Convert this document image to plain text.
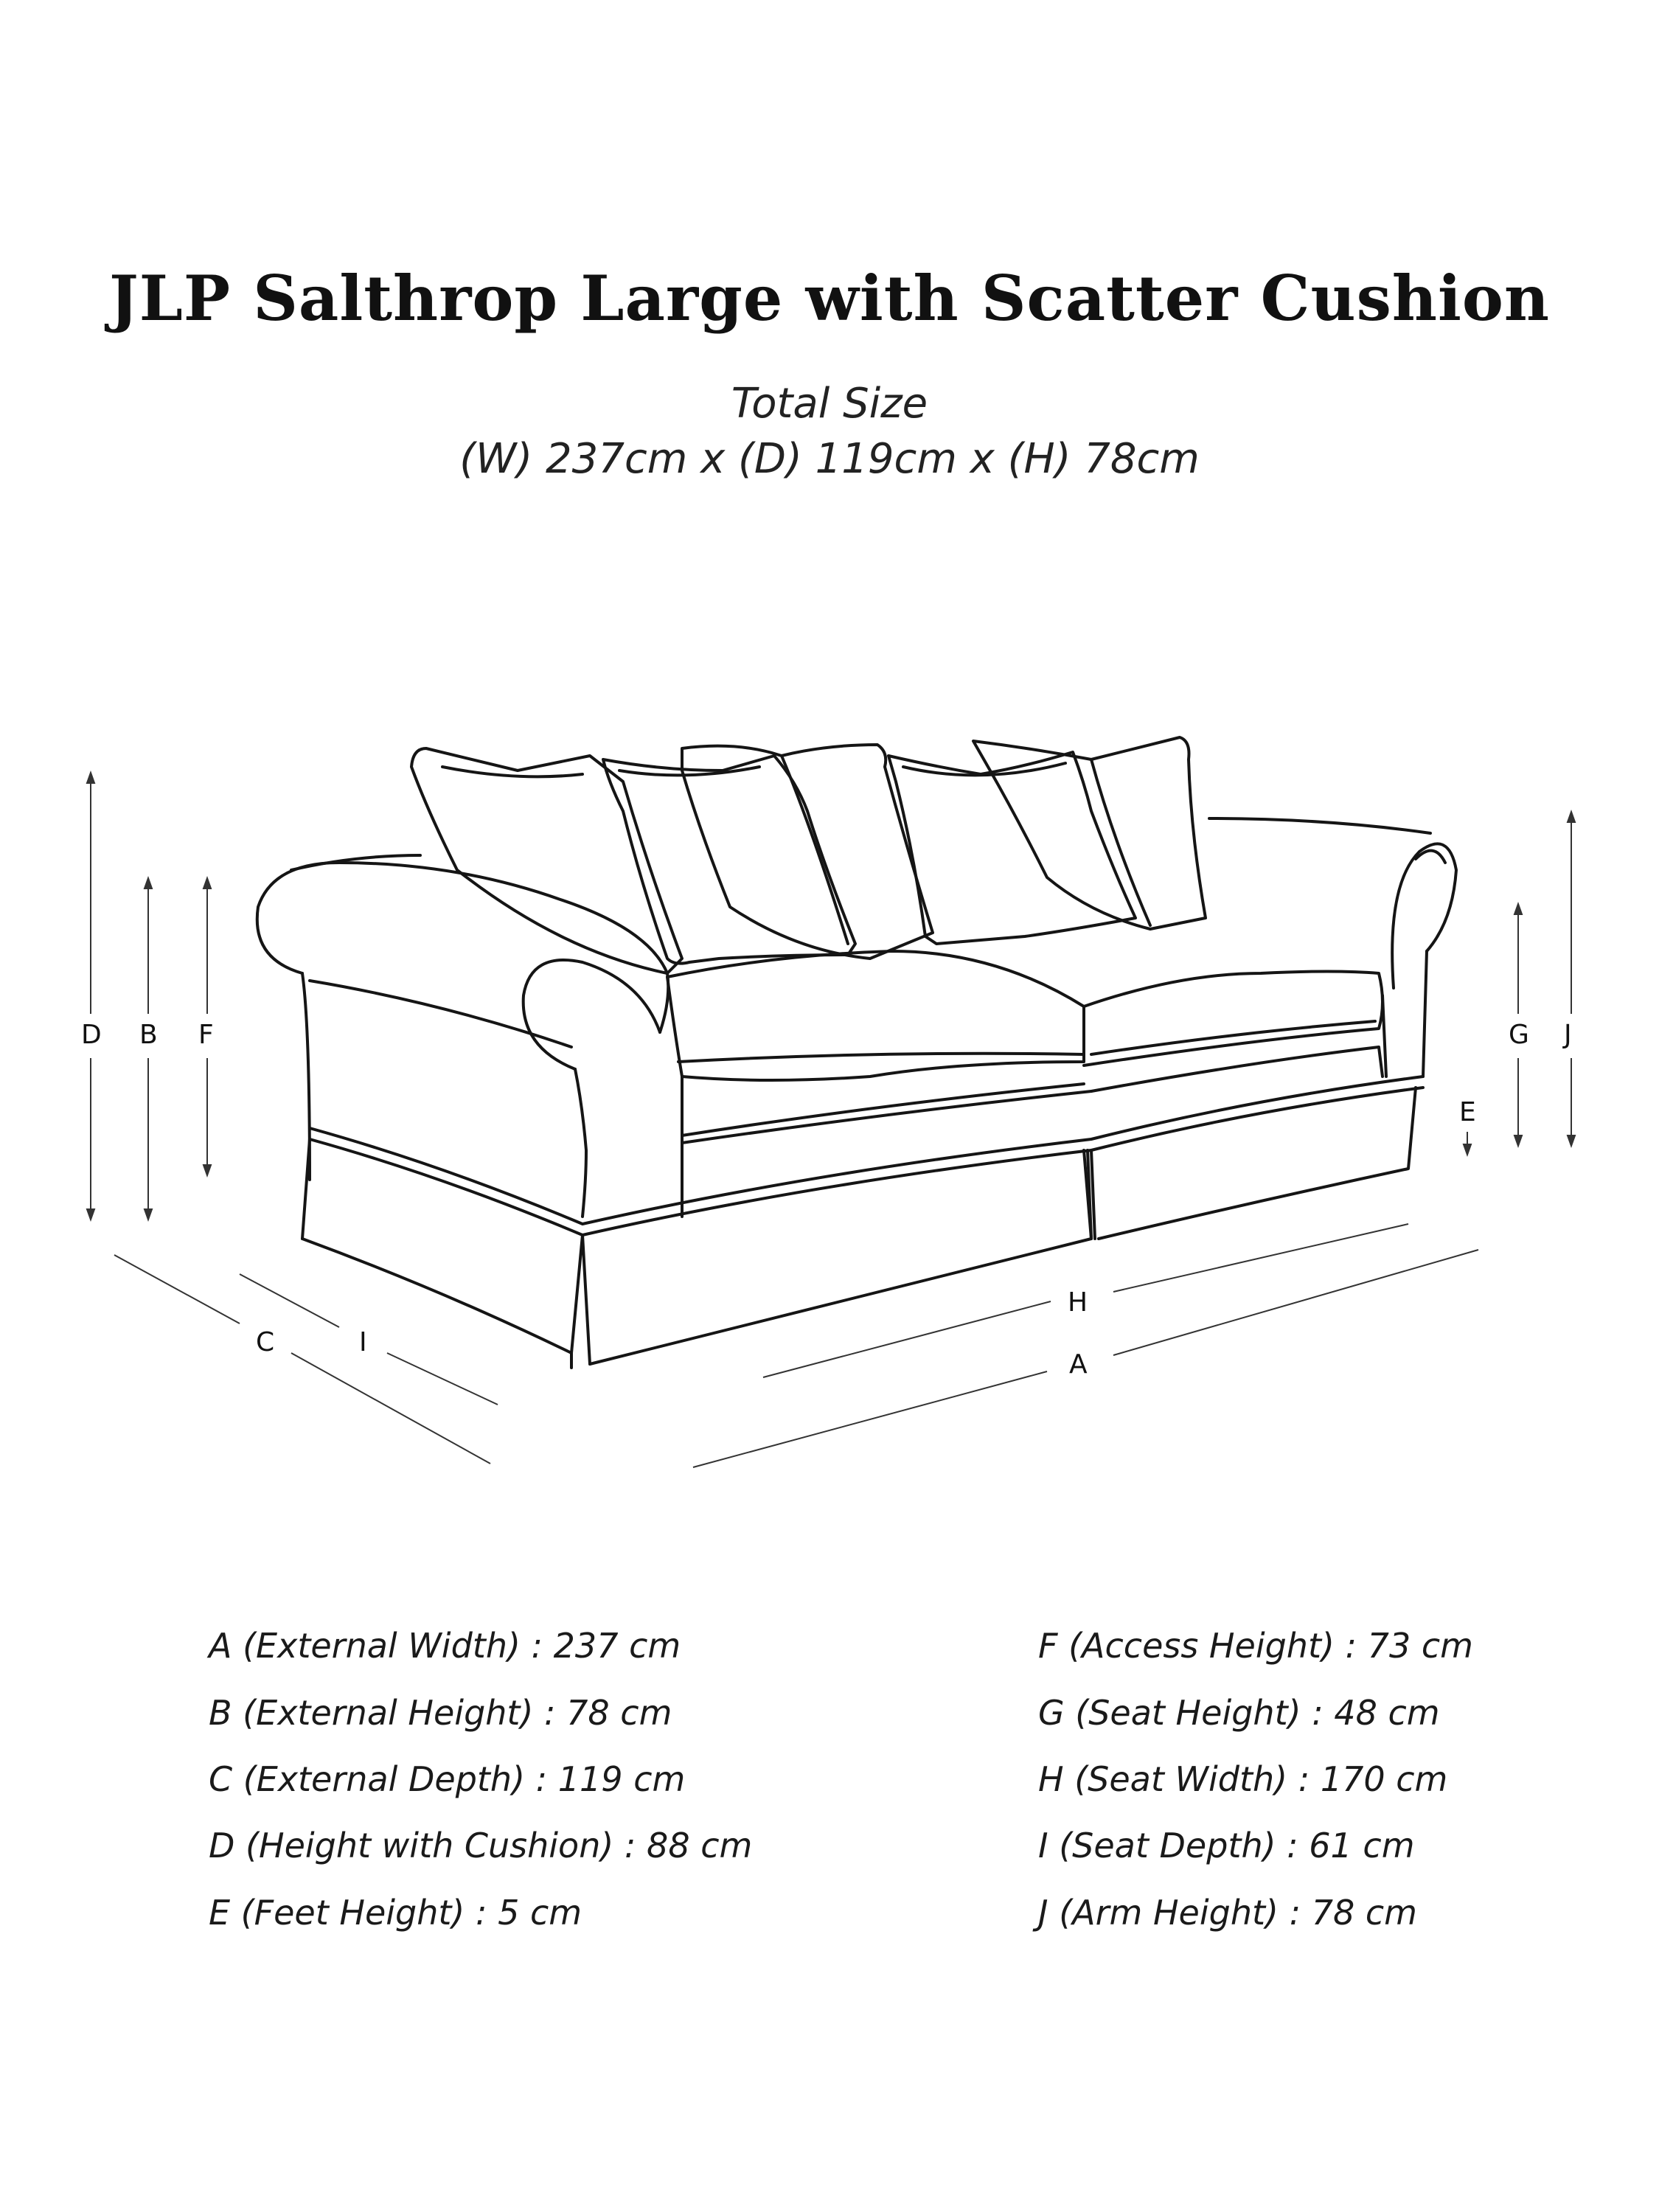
JLP Salthrop Large with Scatter Cushion
Total Size
(W) 237cm x (D) 119cm x (H) 78cm
D B F	G J
E
C	I
H
A
A (External Width) : 237 cm
B (External Height) : 78 cm
C (External Depth) : 119 cm
D (Height with Cushion) : 88 cm
E (Feet Height) : 5 cm
F (Access Height) : 73 cm
G (Seat Height) : 48 cm
H (Seat Width) : 170 cm
I (Seat Depth) : 61 cm
J (Arm Height) : 78 cm
